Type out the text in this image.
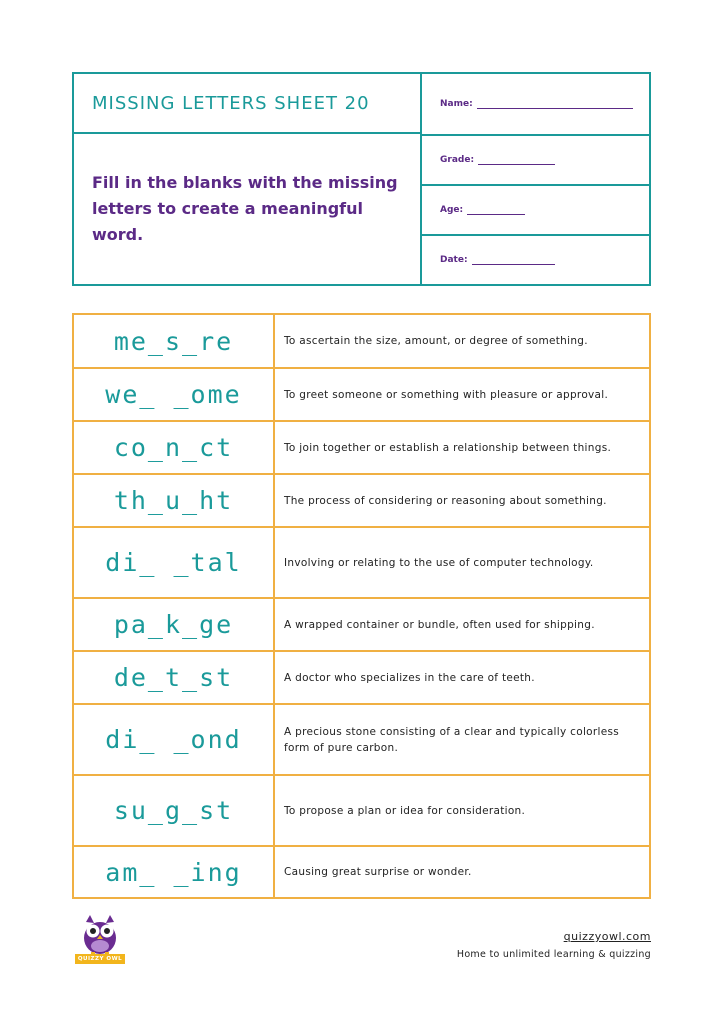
MISSING LETTERS SHEET 20
Fill in the blanks with the missing letters to create a meaningful word.
Name:
Grade:
Age:
Date:
me_s_re	To ascertain the size, amount, or degree of something.
we_ _ome	To greet someone or something with pleasure or approval.
co_n_ct	To join together or establish a relationship between things.
th_u_ht	The process of considering or reasoning about something.
di_ _tal	Involving or relating to the use of computer technology.
pa_k_ge	A wrapped container or bundle, often used for shipping.
de_t_st	A doctor who specializes in the care of teeth.
di_ _ond	A precious stone consisting of a clear and typically colorless form of pure carbon.
su_g_st	To propose a plan or idea for consideration.
am_ _ing	Causing great surprise or wonder.
QUIZZY OWL
quizzyowl.com
Home to unlimited learning & quizzing
